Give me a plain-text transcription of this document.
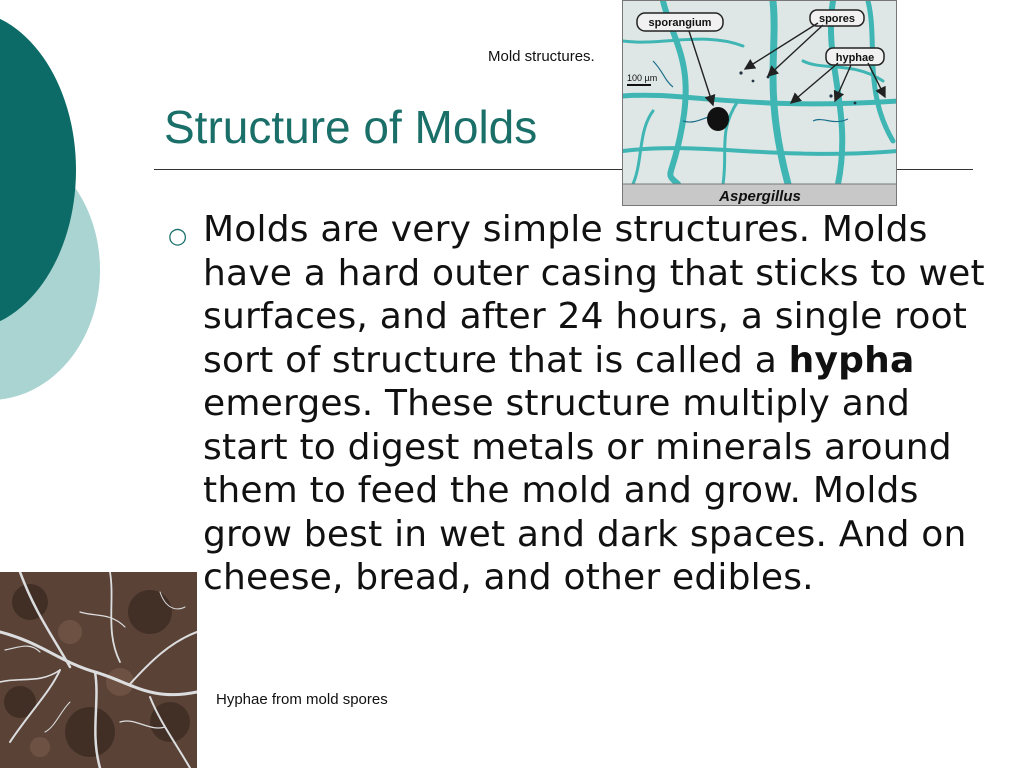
Mold structures.
Structure of Molds
100 µm
sporangium	spores
hyphae
Aspergillus
○ Molds are very simple structures. Molds have a hard outer casing that sticks to wet surfaces, and after 24 hours, a single root sort of structure that is called a hypha emerges. These structure multiply and start to digest metals or minerals around them to feed the mold and grow. Molds grow best in wet and dark spaces. And on cheese, bread, and other edibles.

Hyphae from mold spores
